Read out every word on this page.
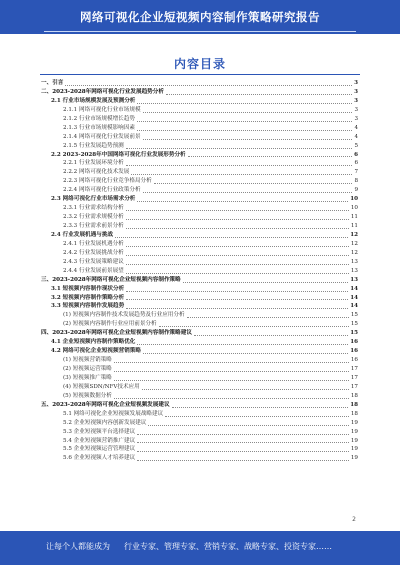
网络可视化企业短视频内容制作策略研究报告
内容目录
一、引言	3
二、2023-2028年网络可视化行业发展趋势分析	3
2.1 行业市场规模发展及预测分析	3
2.1.1 网络可视化行业市场规模	3
2.1.2 行业市场规模增长趋势	3
2.1.3 行业市场规模影响因素	4
2.1.4 网络可视化行业发展前景	4
2.1.5 行业发展趋势预测	5
2.2 2023-2028年中国网络可视化行业发展形势分析	6
2.2.1 行业发展环境分析	6
2.2.2 网络可视化技术发展	7
2.2.3 网络可视化行业竞争格局分析	8
2.2.4 网络可视化行业政策分析	9
2.3 网络可视化行业市场需求分析	10
2.3.1 行业需求结构分析	10
2.3.2 行业需求规模分析	11
2.3.3 行业需求前景分析	11
2.4 行业发展机遇与挑战	12
2.4.1 行业发展机遇分析	12
2.4.2 行业发展挑战分析	12
2.4.3 行业发展策略建议	13
2.4.4 行业发展前景展望	13
三、2023-2028年网络可视化企业短视频内容制作策略	13
3.1 短视频内容制作现状分析	14
3.2 短视频内容制作策略分析	14
3.3 短视频内容制作发展趋势	14
(1) 短视频内容制作技术发展趋势及行业应用分析	15
(2) 短视频内容制作行业应用前景分析	15
四、2023-2028年网络可视化企业短视频内容制作策略建议	15
4.1 企业短视频内容制作策略优化	16
4.2 网络可视化企业短视频营销策略	16
(1) 短视频营销策略	16
(2) 短视频运营策略	17
(3) 短视频推广策略	17
(4) 短视频SDN/NFV技术应用	17
(5) 短视频数据分析	18
五、2023-2028年网络可视化企业短视频发展建议	18
5.1 网络可视化企业短视频发展战略建议	18
5.2 企业短视频内容创新发展建议	19
5.3 企业短视频平台选择建议	19
5.4 企业短视频营销推广建议	19
5.5 企业短视频运营管理建议	19
5.6 企业短视频人才培养建议	19
2
让每个人都能成为 行业专家、管理专家、营销专家、战略专家、投资专家……
